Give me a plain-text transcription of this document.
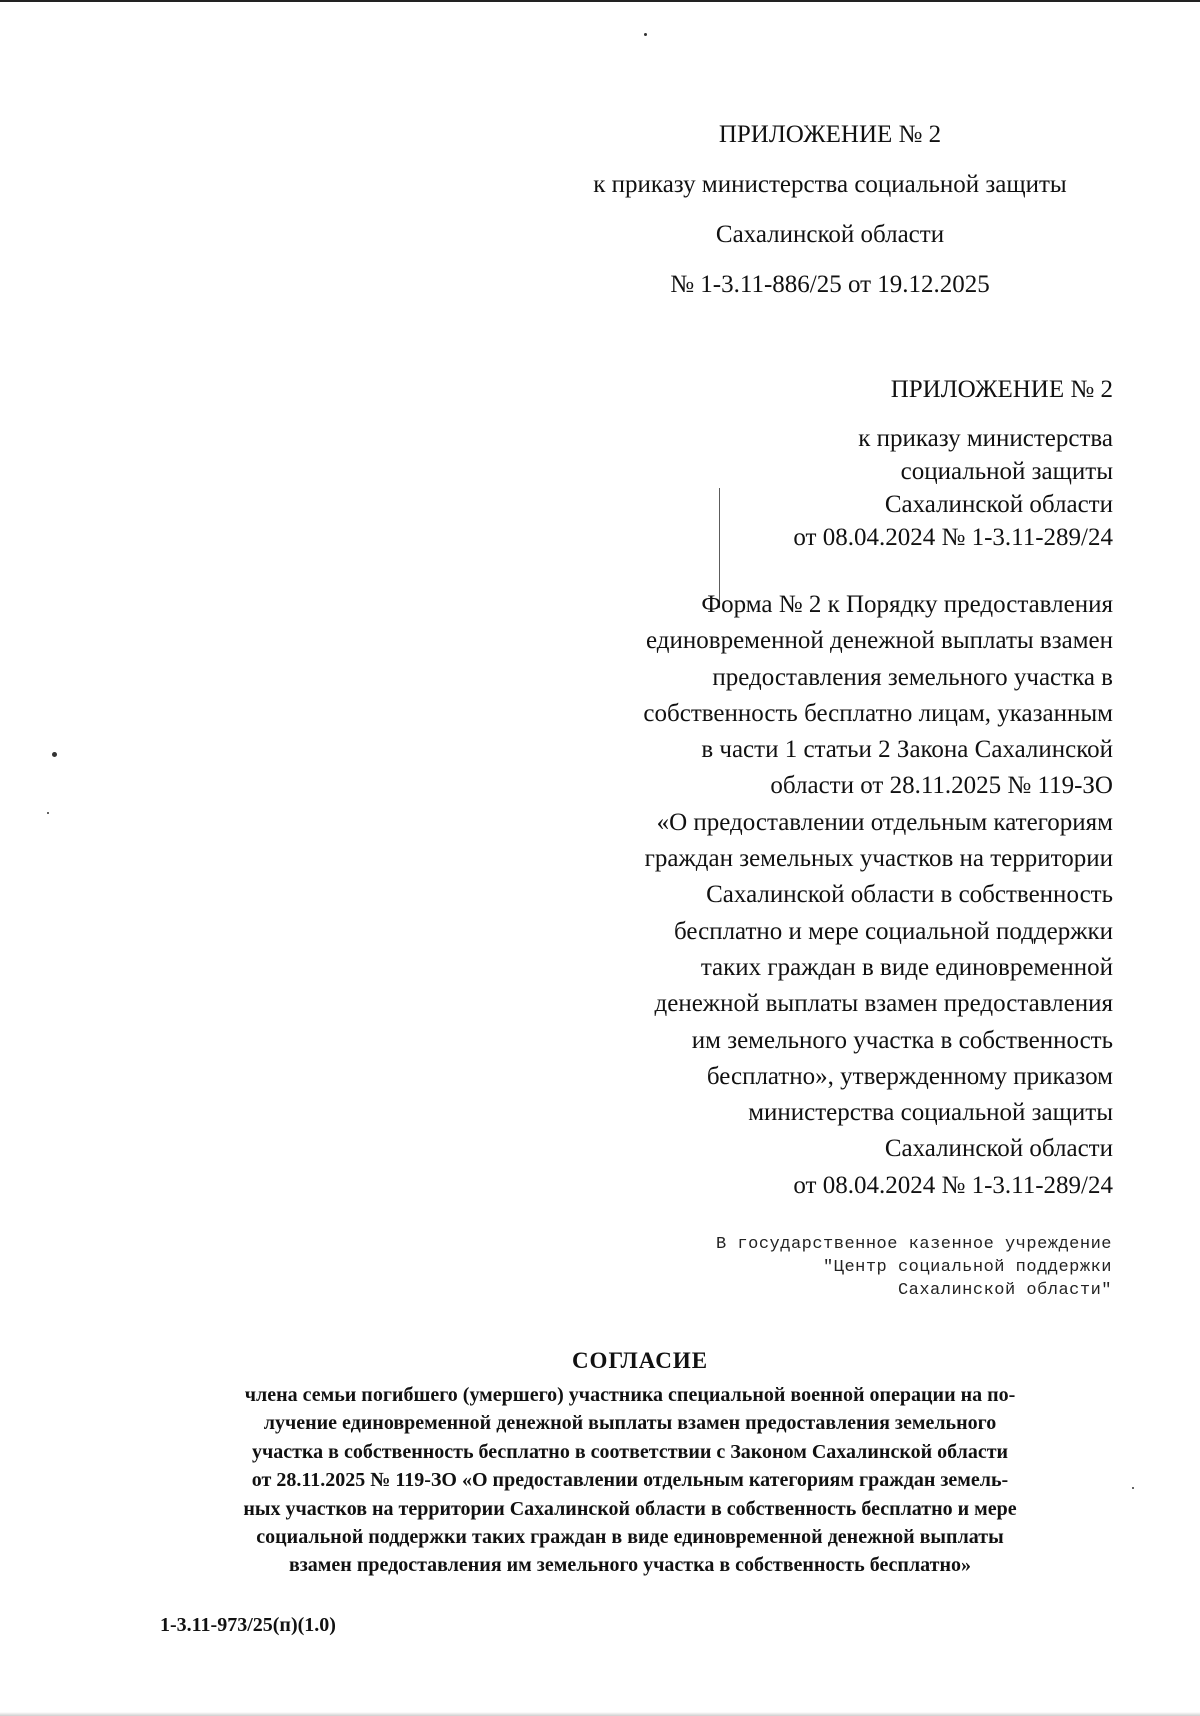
ПРИЛОЖЕНИЕ № 2
к приказу министерства социальной защиты
Сахалинской области
№ 1-3.11-886/25 от 19.12.2025
ПРИЛОЖЕНИЕ № 2
к приказу министерства
социальной защиты
Сахалинской области
от 08.04.2024 № 1-3.11-289/24
Форма № 2 к Порядку предоставления
единовременной денежной выплаты взамен
предоставления земельного участка в
собственность бесплатно лицам, указанным
в части 1 статьи 2 Закона Сахалинской
области от 28.11.2025 № 119-ЗО
«О предоставлении отдельным категориям
граждан земельных участков на территории
Сахалинской области в собственность
бесплатно и мере социальной поддержки
таких граждан в виде единовременной
денежной выплаты взамен предоставления
им земельного участка в собственность
бесплатно», утвержденному приказом
министерства социальной защиты
Сахалинской области
от 08.04.2024 № 1-3.11-289/24
В государственное казенное учреждение
"Центр социальной поддержки
Сахалинской области"
СОГЛАСИЕ
члена семьи погибшего (умершего) участника специальной военной операции на по-
лучение единовременной денежной выплаты взамен предоставления земельного
участка в собственность бесплатно в соответствии с Законом Сахалинской области
от 28.11.2025 № 119-ЗО «О предоставлении отдельным категориям граждан земель-
ных участков на территории Сахалинской области в собственность бесплатно и мере
социальной поддержки таких граждан в виде единовременной денежной выплаты
взамен предоставления им земельного участка в собственность бесплатно»
1-3.11-973/25(п)(1.0)
